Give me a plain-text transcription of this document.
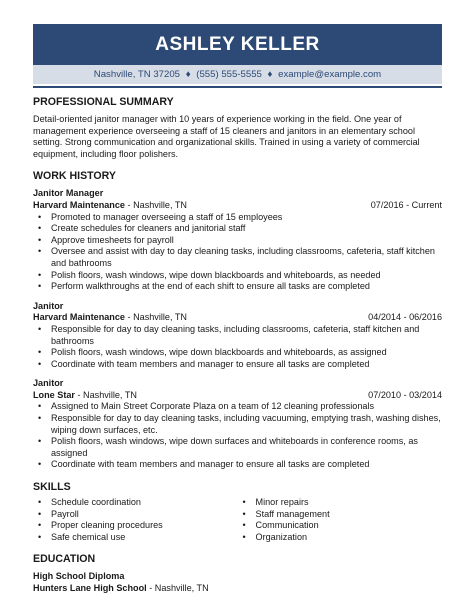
ASHLEY KELLER
Nashville, TN 37205 ♦ (555) 555-5555 ♦ example@example.com
PROFESSIONAL SUMMARY
Detail-oriented janitor manager with 10 years of experience working in the field. One year of management experience overseeing a staff of 15 cleaners and janitors in an elementary school setting. Strong communication and organizational skills. Trained in using a variety of commercial equipment, including floor polishers.
WORK HISTORY
Janitor Manager
Harvard Maintenance - Nashville, TN	07/2016 - Current
• Promoted to manager overseeing a staff of 15 employees
• Create schedules for cleaners and janitorial staff
• Approve timesheets for payroll
• Oversee and assist with day to day cleaning tasks, including classrooms, cafeteria, staff kitchen and bathrooms
• Polish floors, wash windows, wipe down blackboards and whiteboards, as needed
• Perform walkthroughs at the end of each shift to ensure all tasks are completed
Janitor
Harvard Maintenance - Nashville, TN	04/2014 - 06/2016
• Responsible for day to day cleaning tasks, including classrooms, cafeteria, staff kitchen and bathrooms
• Polish floors, wash windows, wipe down blackboards and whiteboards, as assigned
• Coordinate with team members and manager to ensure all tasks are completed
Janitor
Lone Star - Nashville, TN	07/2010 - 03/2014
• Assigned to Main Street Corporate Plaza on a team of 12 cleaning professionals
• Responsible for day to day cleaning tasks, including vacuuming, emptying trash, washing dishes, wiping down surfaces, etc.
• Polish floors, wash windows, wipe down surfaces and whiteboards in conference rooms, as assigned
• Coordinate with team members and manager to ensure all tasks are completed
SKILLS
• Schedule coordination
• Payroll
• Proper cleaning procedures
• Safe chemical use
• Minor repairs
• Staff management
• Communication
• Organization
EDUCATION
High School Diploma
Hunters Lane High School - Nashville, TN
